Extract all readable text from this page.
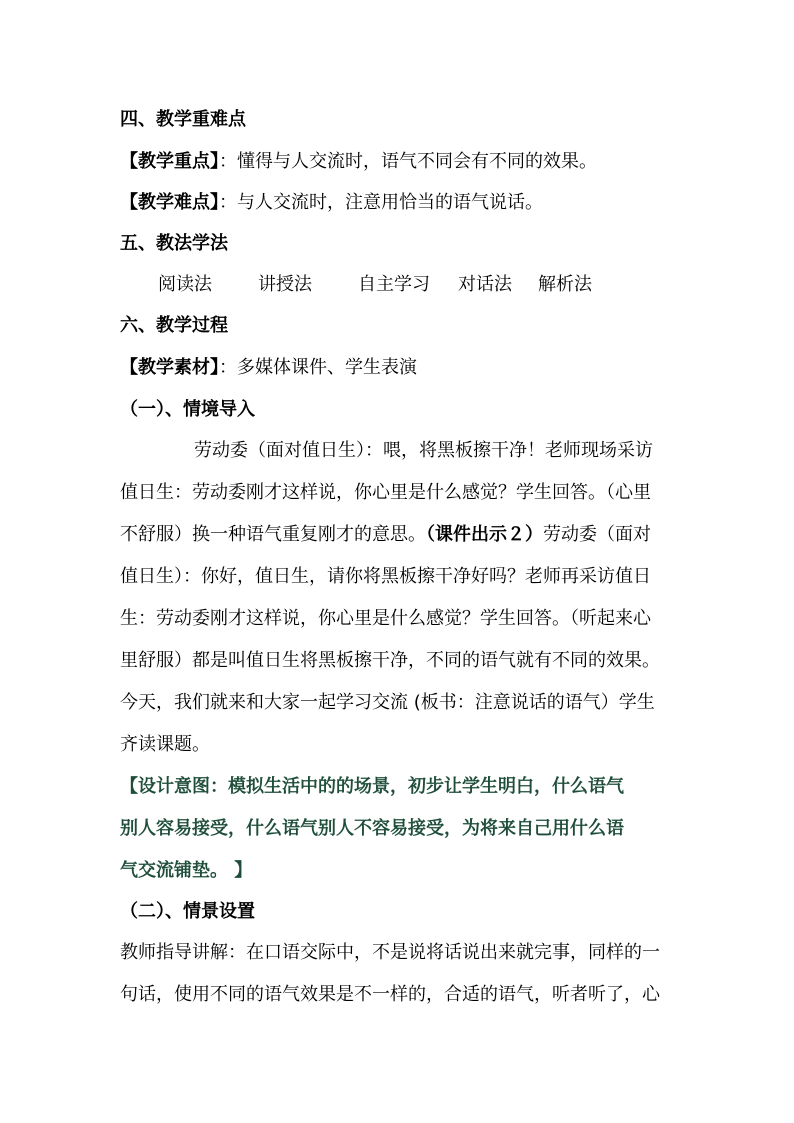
四、教学重难点
【教学重点】：懂得与人交流时，语气不同会有不同的效果。
【教学难点】：与人交流时，注意用恰当的语气说话。
五、教法学法
阅读法	讲授法	自主学习 对话法 解析法
六、教学过程
【教学素材】：多媒体课件、学生表演
（一）、情境导入
劳动委（面对值日生）：喂，将黑板擦干净！老师现场采访
值日生：劳动委刚才这样说，你心里是什么感觉？学生回答。（心里
不舒服）换一种语气重复刚才的意思。（课件出示２）劳动委（面对
值日生）：你好，值日生，请你将黑板擦干净好吗？老师再采访值日
生：劳动委刚才这样说，你心里是什么感觉？学生回答。（听起来心
里舒服）都是叫值日生将黑板擦干净，不同的语气就有不同的效果。
今天，我们就来和大家一起学习交流 (板书：注意说话的语气）学生
齐读课题。
【设计意图：模拟生活中的的场景，初步让学生明白，什么语气
别人容易接受，什么语气别人不容易接受，为将来自己用什么语
气交流铺垫。 】
（二）、情景设置
教师指导讲解：在口语交际中，不是说将话说出来就完事，同样的一
句话，使用不同的语气效果是不一样的，合适的语气，听者听了，心
